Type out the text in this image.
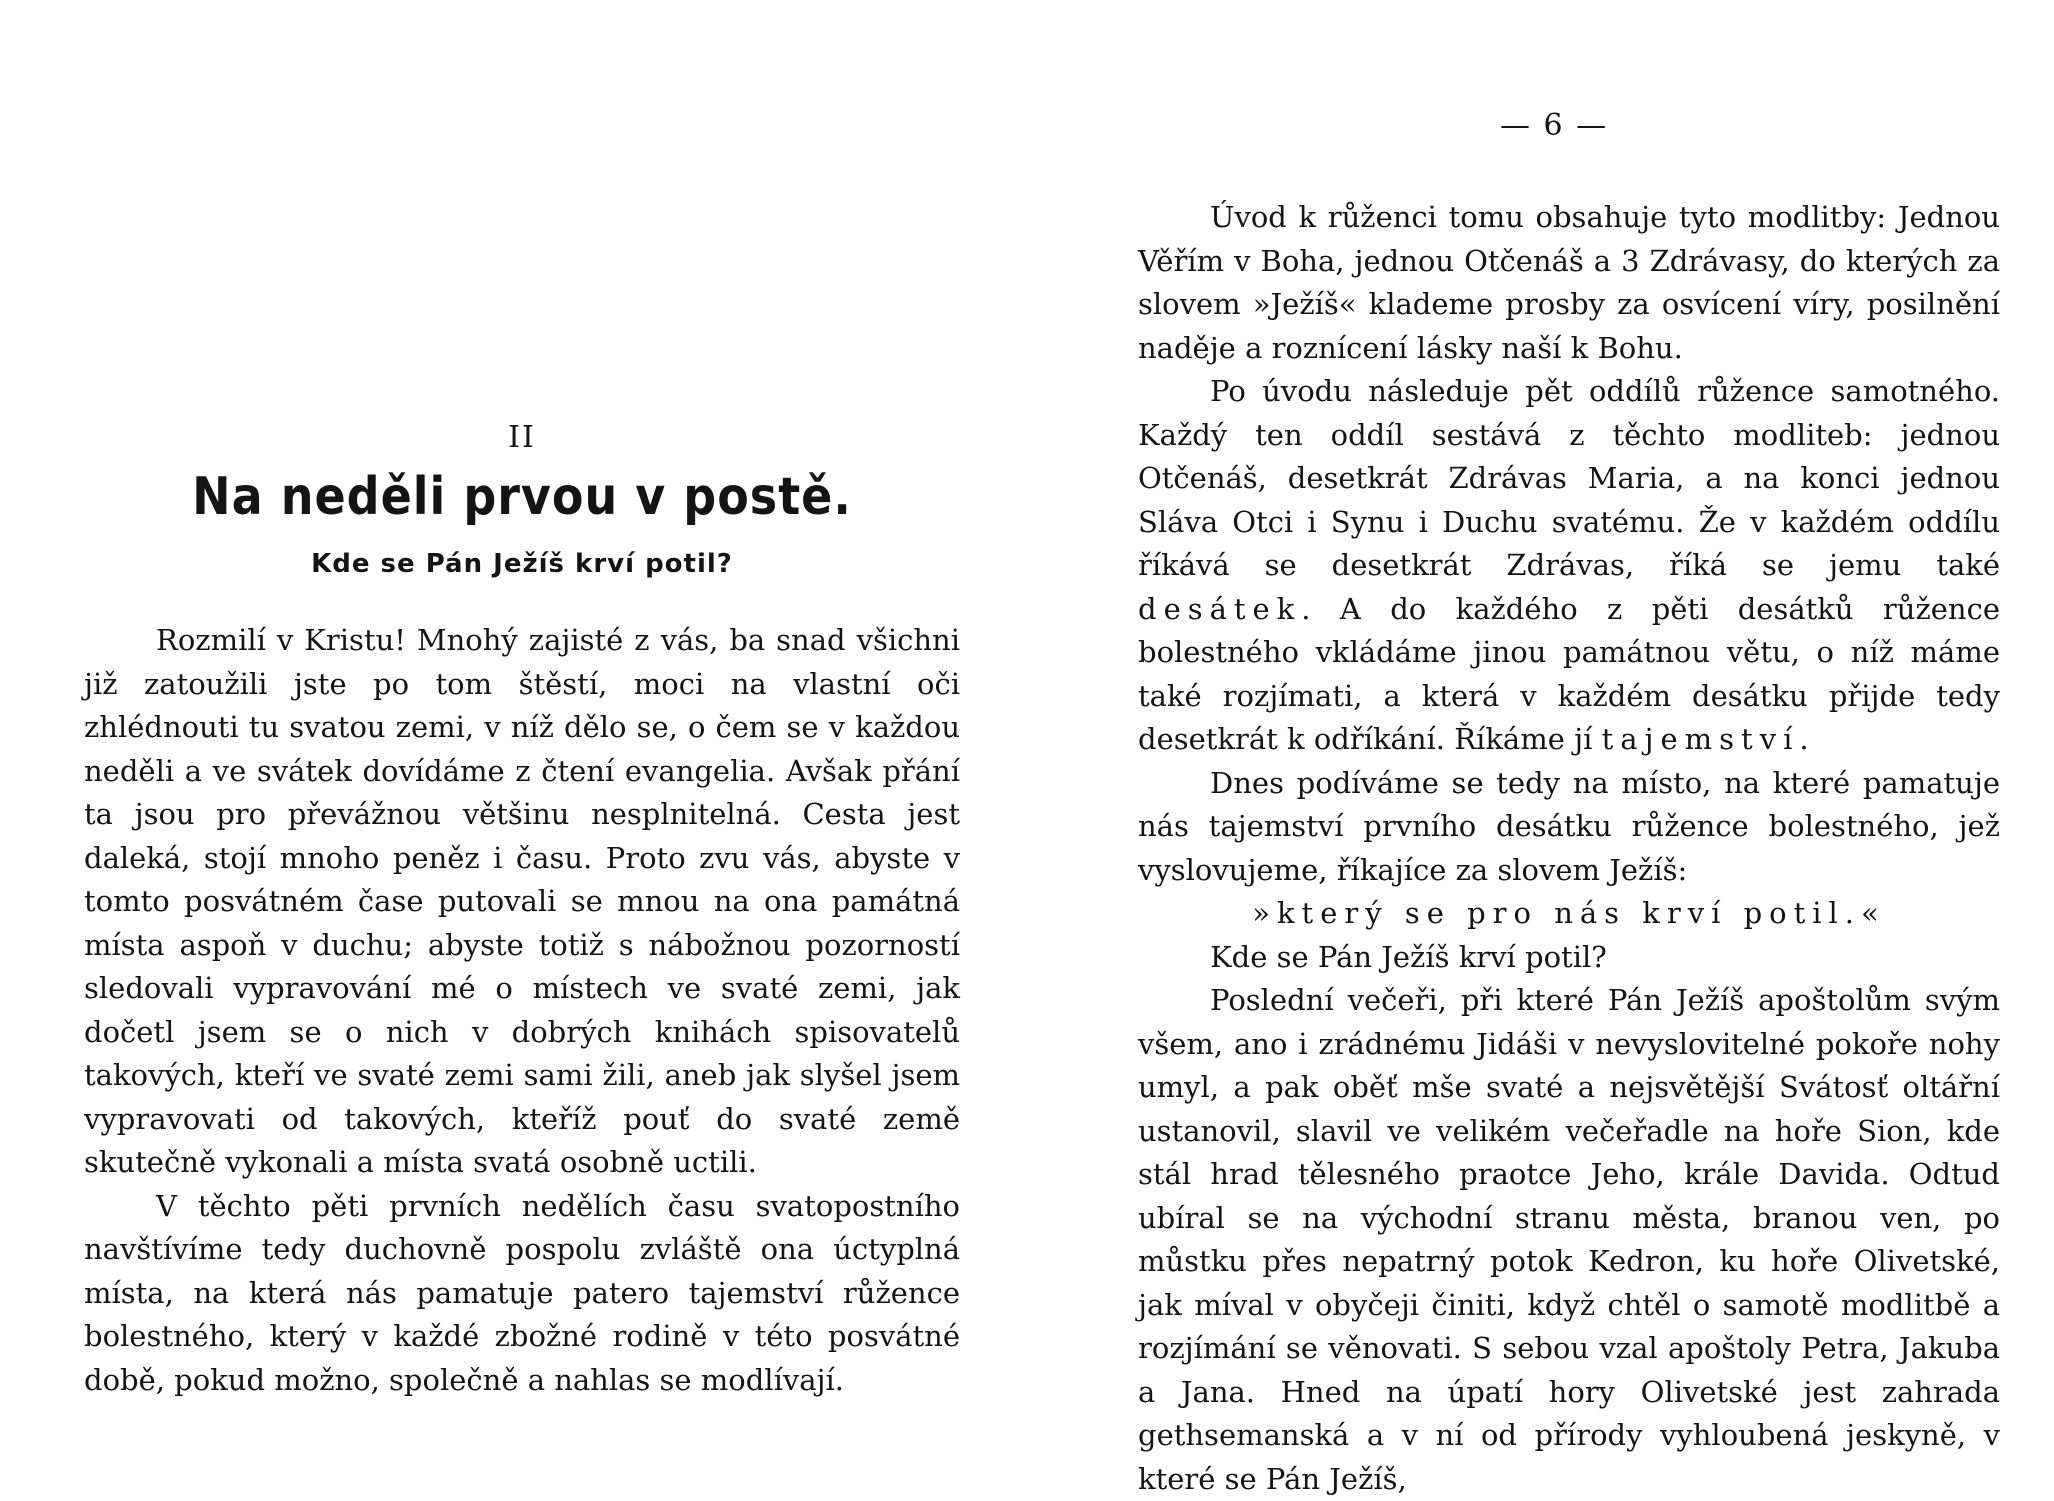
II
Na neděli prvou v postě.
Kde se Pán Ježíš krví potil?

Rozmilí v Kristu! Mnohý zajisté z vás, ba snad všichni již zatoužili jste po tom štěstí, moci na vlastní oči zhlédnouti tu svatou zemi, v níž dělo se, o čem se v každou neděli a ve svátek dovídáme z čtení evangelia. Avšak přání ta jsou pro převážnou většinu nesplnitelná. Cesta jest daleká, stojí mnoho peněz i času. Proto zvu vás, abyste v tomto posvátném čase putovali se mnou na ona památná místa aspoň v duchu; abyste totiž s nábožnou pozorností sledovali vypravování mé o místech ve svaté zemi, jak dočetl jsem se o nich v dobrých knihách spisovatelů takových, kteří ve svaté zemi sami žili, aneb jak slyšel jsem vypravovati od takových, kteříž pouť do svaté země skutečně vykonali a místa svatá osobně uctili.

V těchto pěti prvních nedělích času svatopostního navštívíme tedy duchovně pospolu zvláště ona úctyplná místa, na která nás pamatuje patero tajemství růžence bolestného, který v každé zbožné rodině v této posvátné době, pokud možno, společně a nahlas se modlívají.

— 6 —

Úvod k růženci tomu obsahuje tyto modlitby: Jednou Věřím v Boha, jednou Otčenáš a 3 Zdrávasy, do kterých za slovem »Ježíš« klademe prosby za osvícení víry, posilnění naděje a roznícení lásky naší k Bohu.

Po úvodu následuje pět oddílů růžence samotného. Každý ten oddíl sestává z těchto modliteb: jednou Otčenáš, desetkrát Zdrávas Maria, a na konci jednou Sláva Otci i Synu i Duchu svatému. Že v každém oddílu říkává se desetkrát Zdrávas, říká se jemu také desátek. A do každého z pěti desátků růžence bolestného vkládáme jinou památnou větu, o níž máme také rozjímati, a která v každém desátku přijde tedy desetkrát k odříkání. Říkáme jí tajemství.

Dnes podíváme se tedy na místo, na které pamatuje nás tajemství prvního desátku růžence bolestného, jež vyslovujeme, říkajíce za slovem Ježíš:

»který se pro nás krví potil.«

Kde se Pán Ježíš krví potil?

Poslední večeři, při které Pán Ježíš apoštolům svým všem, ano i zrádnému Jidáši v nevyslovitelné pokoře nohy umyl, a pak oběť mše svaté a nejsvětější Svátosť oltářní ustanovil, slavil ve velikém večeřadle na hoře Sion, kde stál hrad tělesného praotce Jeho, krále Davida. Odtud ubíral se na východní stranu města, branou ven, po můstku přes nepatrný potok Kedron, ku hoře Olivetské, jak míval v obyčeji činiti, když chtěl o samotě modlitbě a rozjímání se věnovati. S sebou vzal apoštoly Petra, Jakuba a Jana. Hned na úpatí hory Olivetské jest zahrada gethsemanská a v ní od přírody vyhloubená jeskyně, v které se Pán Ježíš,
